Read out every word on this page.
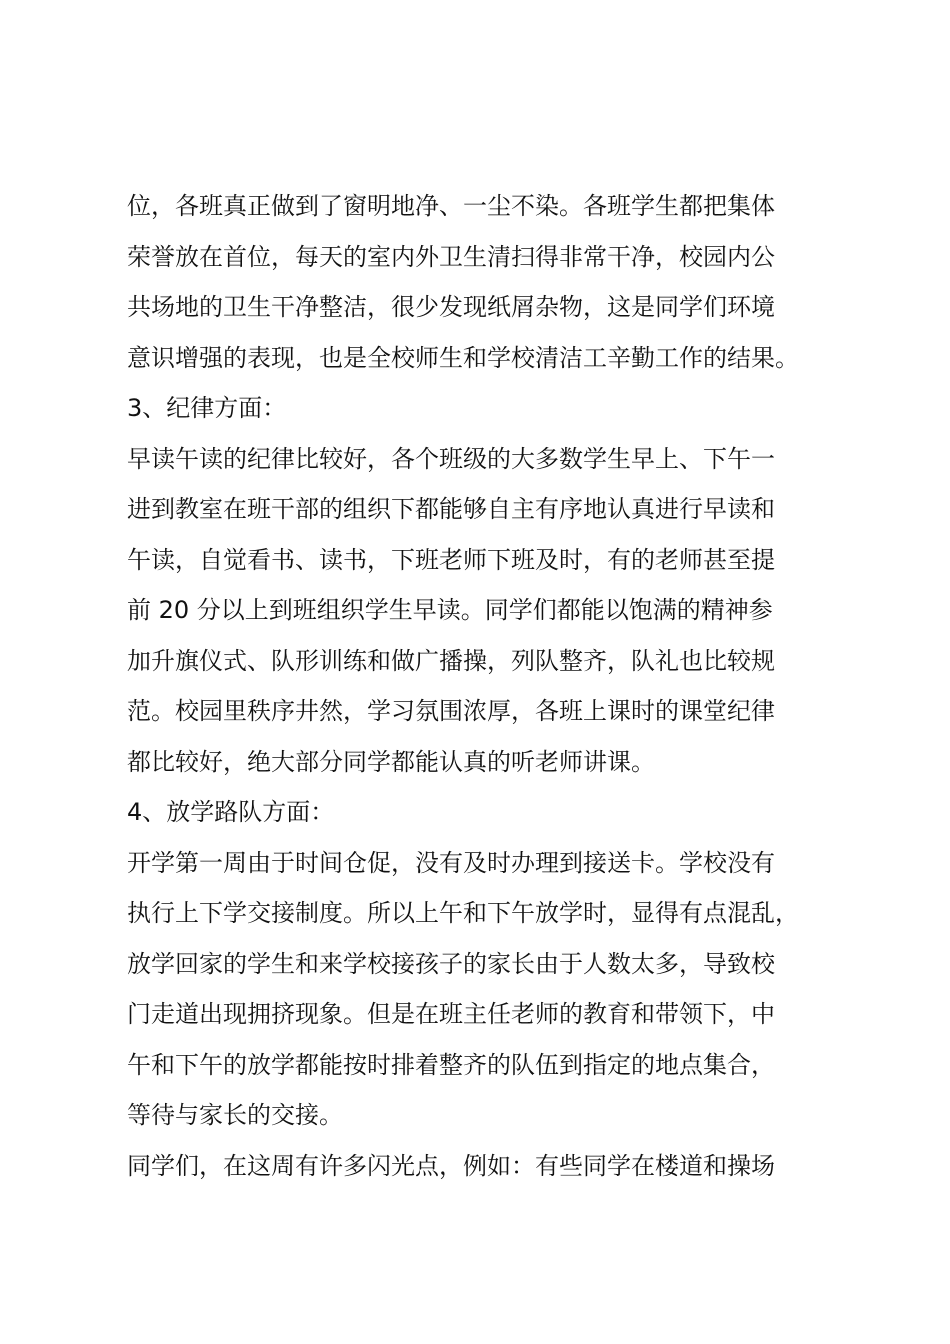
位，各班真正做到了窗明地净、一尘不染。各班学生都把集体
荣誉放在首位，每天的室内外卫生清扫得非常干净，校园内公
共场地的卫生干净整洁，很少发现纸屑杂物，这是同学们环境
意识增强的表现，也是全校师生和学校清洁工辛勤工作的结果。
3、纪律方面：
早读午读的纪律比较好，各个班级的大多数学生早上、下午一
进到教室在班干部的组织下都能够自主有序地认真进行早读和
午读，自觉看书、读书，下班老师下班及时，有的老师甚至提
前 20 分以上到班组织学生早读。同学们都能以饱满的精神参
加升旗仪式、队形训练和做广播操，列队整齐，队礼也比较规
范。校园里秩序井然，学习氛围浓厚，各班上课时的课堂纪律
都比较好，绝大部分同学都能认真的听老师讲课。
4、放学路队方面：
开学第一周由于时间仓促，没有及时办理到接送卡。学校没有
执行上下学交接制度。所以上午和下午放学时，显得有点混乱，
放学回家的学生和来学校接孩子的家长由于人数太多，导致校
门走道出现拥挤现象。但是在班主任老师的教育和带领下，中
午和下午的放学都能按时排着整齐的队伍到指定的地点集合，
等待与家长的交接。
同学们，在这周有许多闪光点，例如：有些同学在楼道和操场
